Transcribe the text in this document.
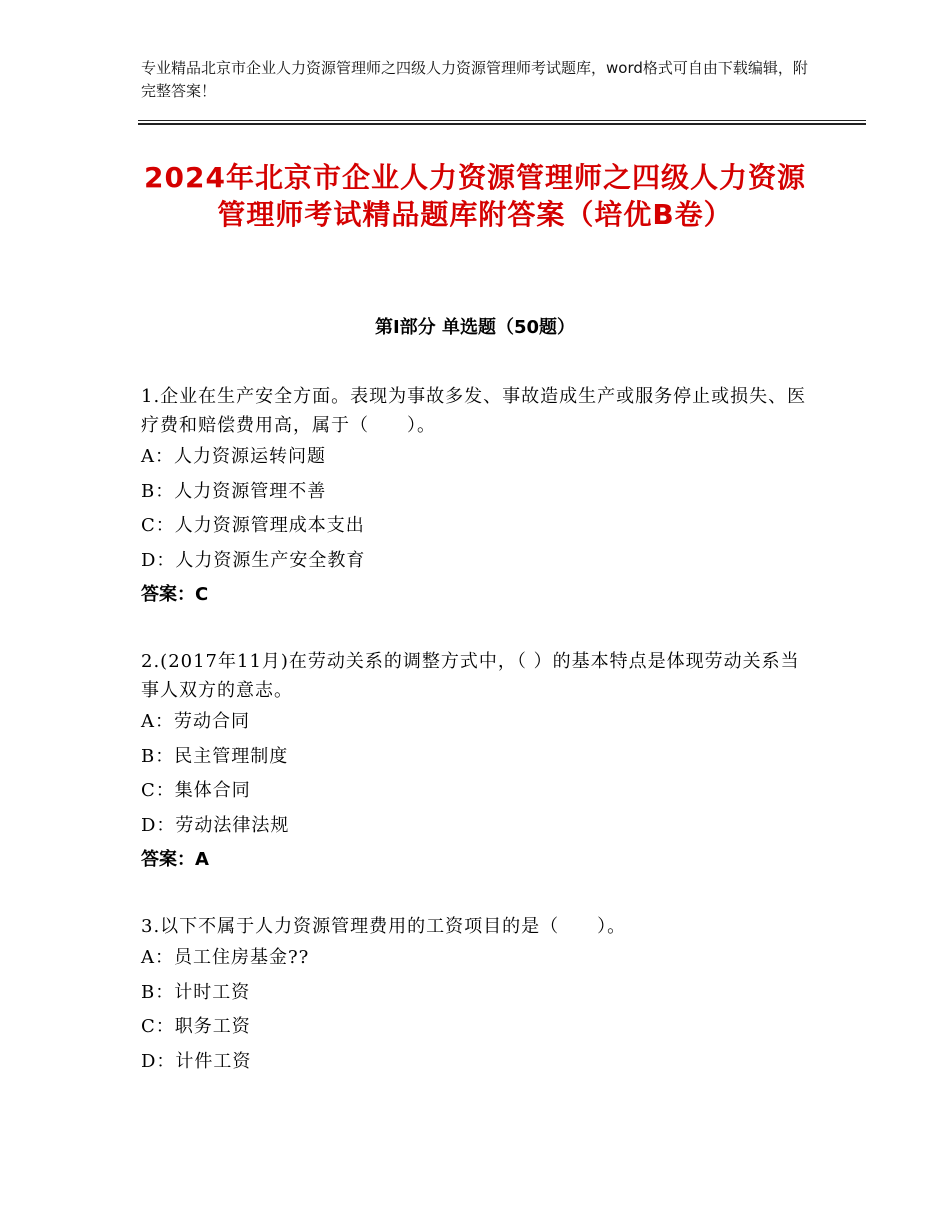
专业精品北京市企业人力资源管理师之四级人力资源管理师考试题库，word格式可自由下载编辑，附完整答案！
2024年北京市企业人力资源管理师之四级人力资源管理师考试精品题库附答案（培优B卷）
第Ⅰ部分 单选题（50题）

1.企业在生产安全方面。表现为事故多发、事故造成生产或服务停止或损失、医疗费和赔偿费用高，属于（　　）。

A：人力资源运转问题

B：人力资源管理不善

C：人力资源管理成本支出

D：人力资源生产安全教育

答案：C

2.(2017年11月)在劳动关系的调整方式中，（ ）的基本特点是体现劳动关系当事人双方的意志。

A：劳动合同

B：民主管理制度

C：集体合同

D：劳动法律法规

答案：A

3.以下不属于人力资源管理费用的工资项目的是（　　）。

A：员工住房基金??

B：计时工资

C：职务工资

D：计件工资
